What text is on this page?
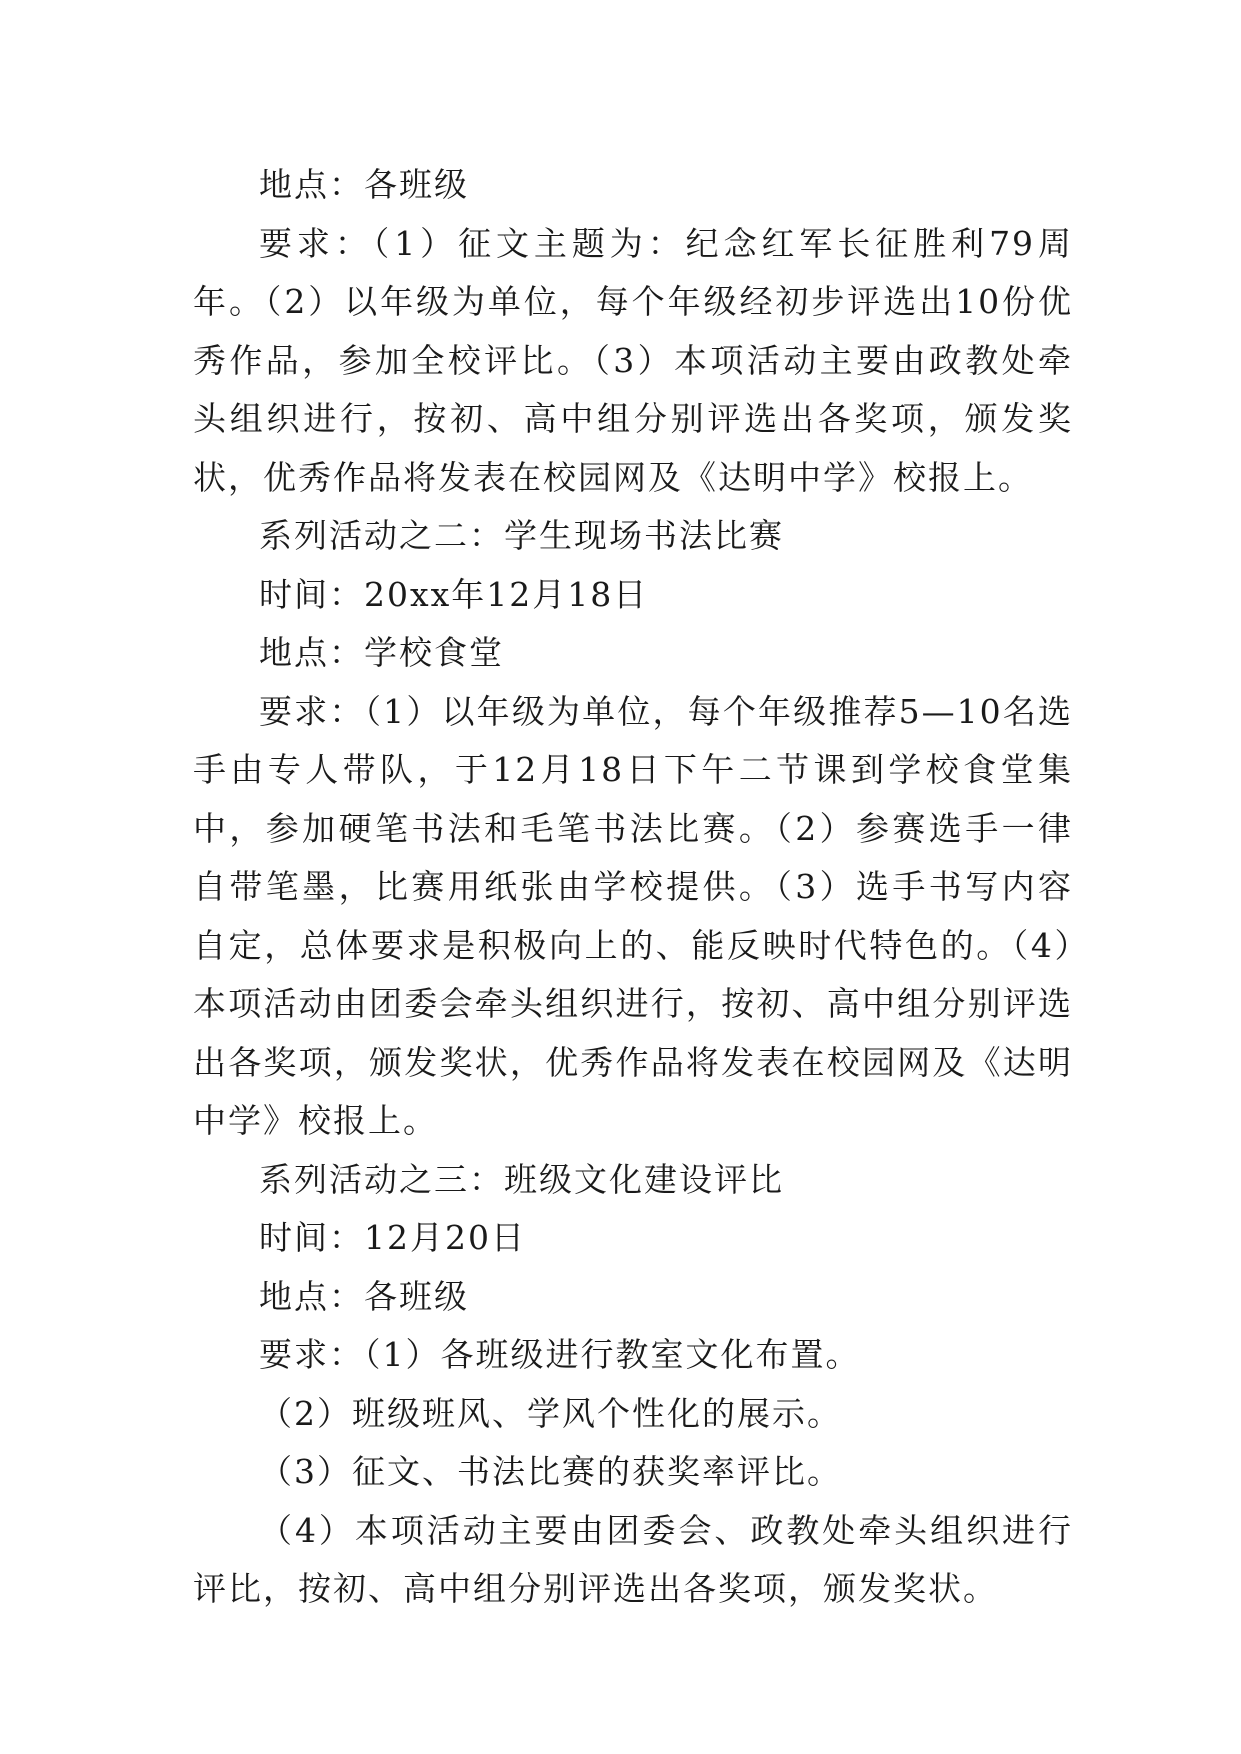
地点：各班级

要求：（1）征文主题为：纪念红军长征胜利79周年。（2）以年级为单位，每个年级经初步评选出10份优秀作品，参加全校评比。（3）本项活动主要由政教处牵头组织进行，按初、高中组分别评选出各奖项，颁发奖状，优秀作品将发表在校园网及《达明中学》校报上。

系列活动之二：学生现场书法比赛

时间：20xx年12月18日

地点：学校食堂

要求：（1）以年级为单位，每个年级推荐5—10名选手由专人带队，于12月18日下午二节课到学校食堂集中，参加硬笔书法和毛笔书法比赛。（2）参赛选手一律自带笔墨，比赛用纸张由学校提供。（3）选手书写内容自定，总体要求是积极向上的、能反映时代特色的。（4）本项活动由团委会牵头组织进行，按初、高中组分别评选出各奖项，颁发奖状，优秀作品将发表在校园网及《达明中学》校报上。

系列活动之三：班级文化建设评比

时间：12月20日

地点：各班级

要求：（1）各班级进行教室文化布置。

（2）班级班风、学风个性化的展示。

（3）征文、书法比赛的获奖率评比。

（4）本项活动主要由团委会、政教处牵头组织进行评比，按初、高中组分别评选出各奖项，颁发奖状。
